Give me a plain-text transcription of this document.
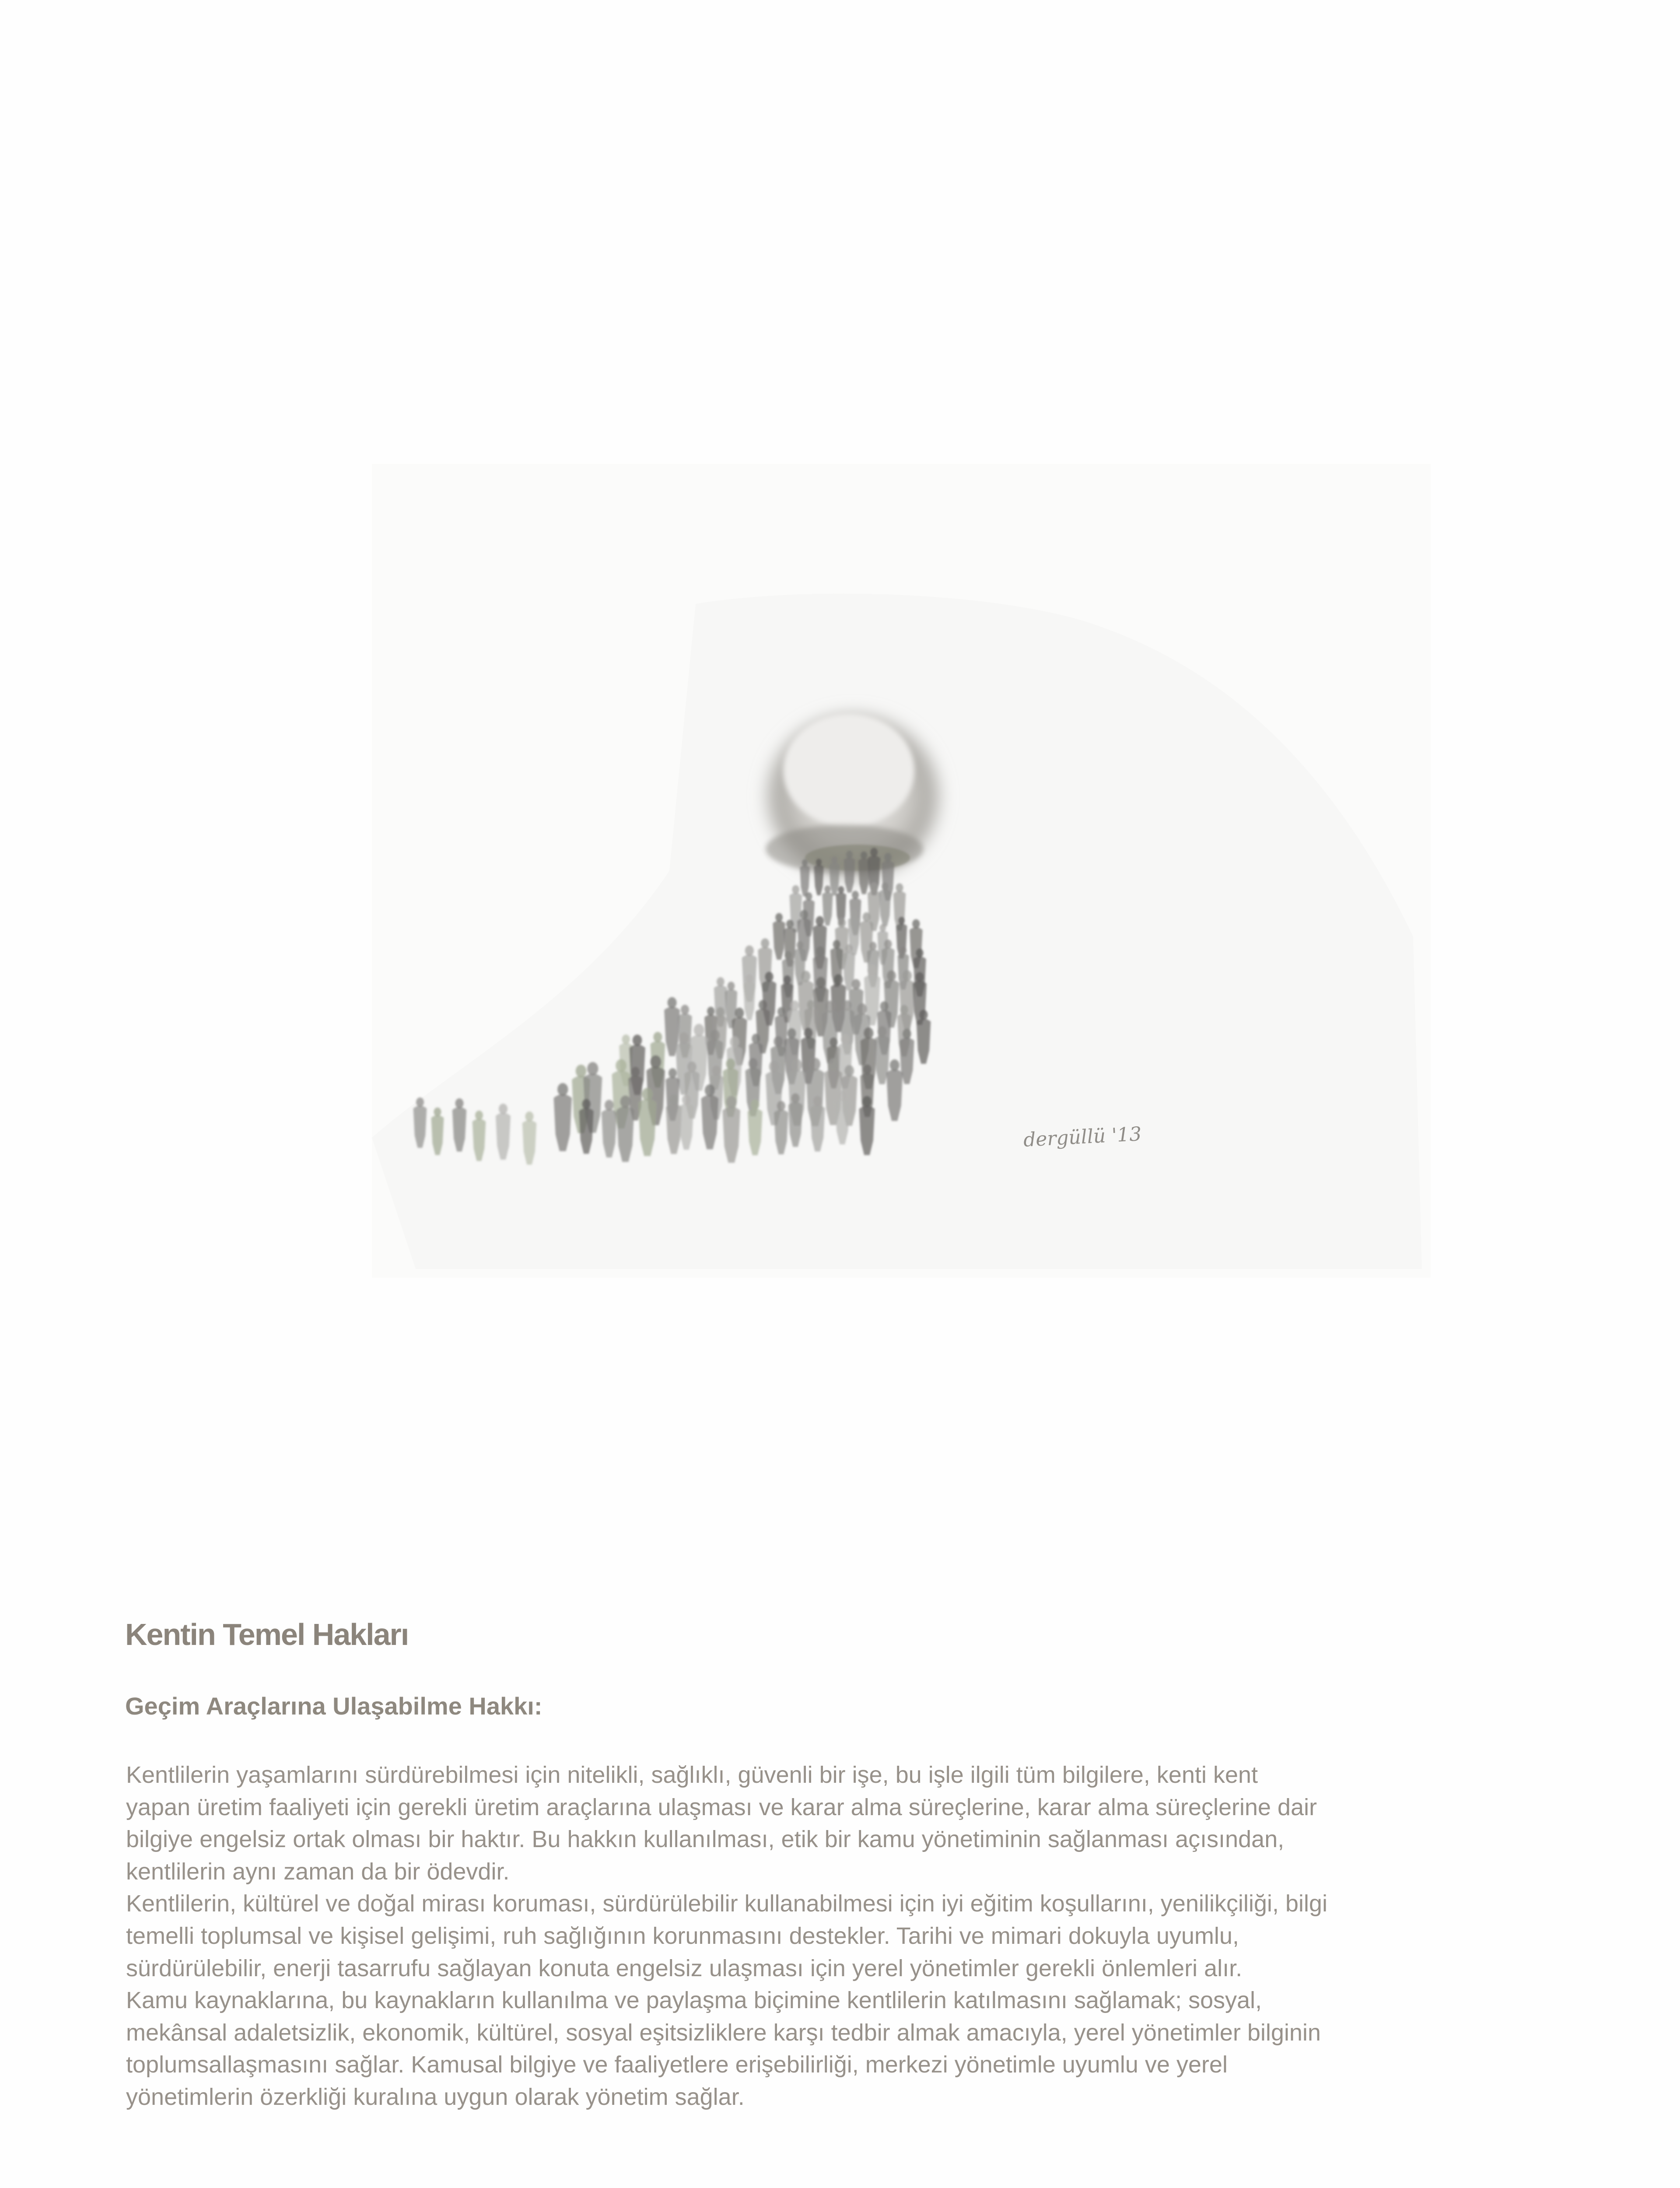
dergüllü '13
Kentin Temel Hakları
Geçim Araçlarına Ulaşabilme Hakkı:

Kentlilerin yaşamlarını sürdürebilmesi için nitelikli, sağlıklı, güvenli bir işe, bu işle ilgili tüm bilgilere, kenti kent
yapan üretim faaliyeti için gerekli üretim araçlarına ulaşması ve karar alma süreçlerine, karar alma süreçlerine dair
bilgiye engelsiz ortak olması bir haktır. Bu hakkın kullanılması, etik bir kamu yönetiminin sağlanması açısından,
kentlilerin aynı zaman da bir ödevdir.

Kentlilerin, kültürel ve doğal mirası koruması, sürdürülebilir kullanabilmesi için iyi eğitim koşullarını, yenilikçiliği, bilgi
temelli toplumsal ve kişisel gelişimi, ruh sağlığının korunmasını destekler. Tarihi ve mimari dokuyla uyumlu,
sürdürülebilir, enerji tasarrufu sağlayan konuta engelsiz ulaşması için yerel yönetimler gerekli önlemleri alır.

Kamu kaynaklarına, bu kaynakların kullanılma ve paylaşma biçimine kentlilerin katılmasını sağlamak; sosyal,
mekânsal adaletsizlik, ekonomik, kültürel, sosyal eşitsizliklere karşı tedbir almak amacıyla, yerel yönetimler bilginin
toplumsallaşmasını sağlar. Kamusal bilgiye ve faaliyetlere erişebilirliği, merkezi yönetimle uyumlu ve yerel
yönetimlerin özerkliği kuralına uygun olarak yönetim sağlar.
